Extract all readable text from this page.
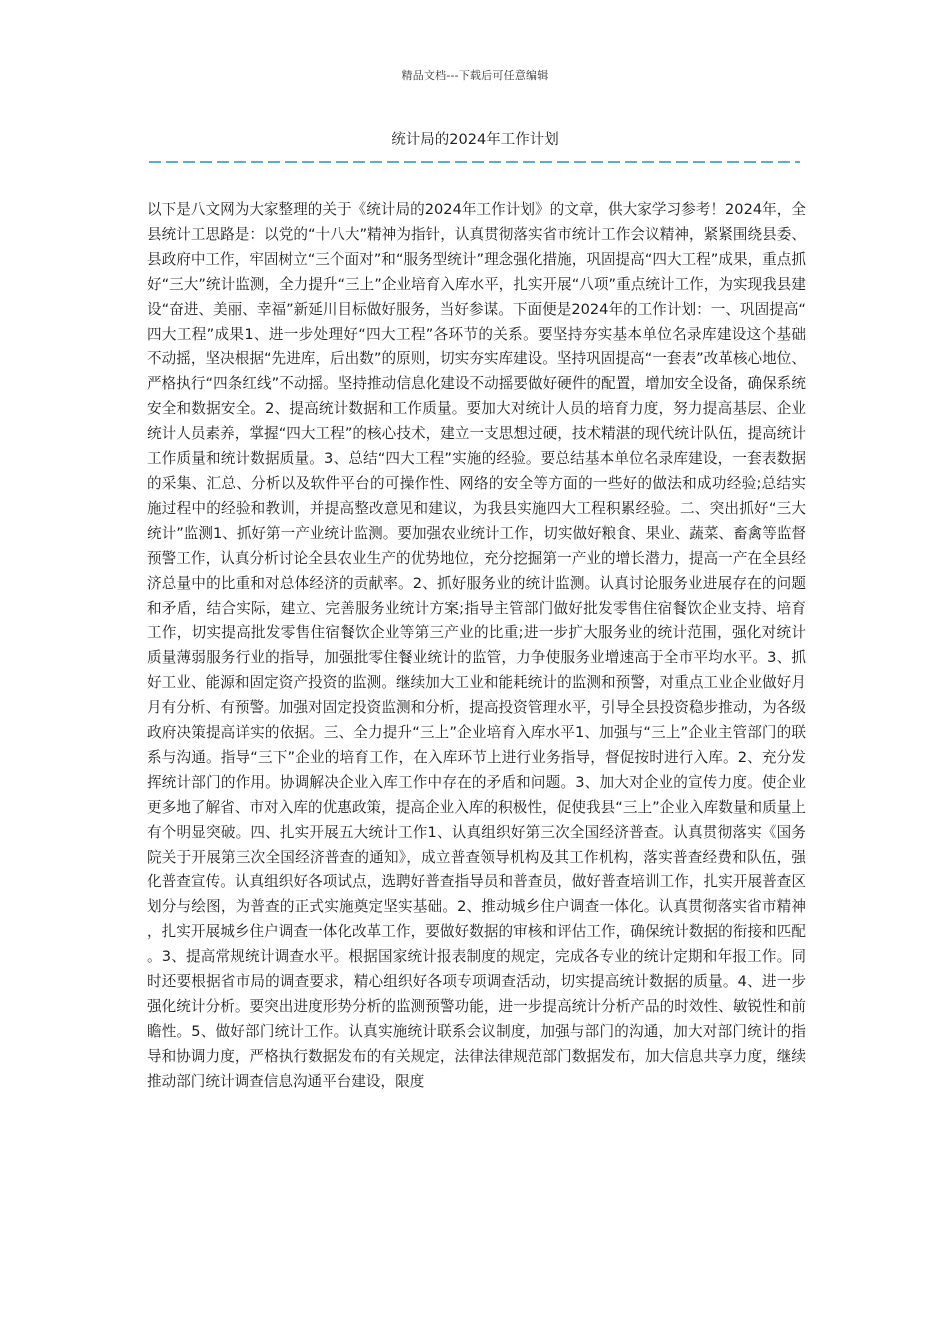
精品文档---下载后可任意编辑
统计局的2024年工作计划

以下是八文网为大家整理的关于《统计局的2024年工作计划》的文章，供大家学习参考！2024年，全县统计工思路是：以党的“十八大”精神为指针，认真贯彻落实省市统计工作会议精神，紧紧围绕县委、县政府中工作，牢固树立“三个面对”和“服务型统计”理念强化措施，巩固提高“四大工程”成果，重点抓好“三大”统计监测，全力提升“三上”企业培育入库水平，扎实开展“八项”重点统计工作，为实现我县建设“奋进、美丽、幸福”新延川目标做好服务，当好参谋。下面便是2024年的工作计划：一、巩固提高“四大工程”成果1、进一步处理好“四大工程”各环节的关系。要坚持夯实基本单位名录库建设这个基础不动摇，坚决根据“先进库，后出数”的原则，切实夯实库建设。坚持巩固提高“一套表”改革核心地位、严格执行“四条红线”不动摇。坚持推动信息化建设不动摇要做好硬件的配置，增加安全设备，确保系统安全和数据安全。2、提高统计数据和工作质量。要加大对统计人员的培育力度，努力提高基层、企业统计人员素养，掌握“四大工程”的核心技术，建立一支思想过硬，技术精湛的现代统计队伍，提高统计工作质量和统计数据质量。3、总结“四大工程”实施的经验。要总结基本单位名录库建设，一套表数据的采集、汇总、分析以及软件平台的可操作性、网络的安全等方面的一些好的做法和成功经验;总结实施过程中的经验和教训，并提高整改意见和建议，为我县实施四大工程积累经验。二、突出抓好“三大统计”监测1、抓好第一产业统计监测。要加强农业统计工作，切实做好粮食、果业、蔬菜、畜禽等监督预警工作，认真分析讨论全县农业生产的优势地位，充分挖掘第一产业的增长潜力，提高一产在全县经济总量中的比重和对总体经济的贡献率。2、抓好服务业的统计监测。认真讨论服务业进展存在的问题和矛盾，结合实际，建立、完善服务业统计方案;指导主管部门做好批发零售住宿餐饮企业支持、培育工作，切实提高批发零售住宿餐饮企业等第三产业的比重;进一步扩大服务业的统计范围，强化对统计质量薄弱服务行业的指导，加强批零住餐业统计的监管，力争使服务业增速高于全市平均水平。3、抓好工业、能源和固定资产投资的监测。继续加大工业和能耗统计的监测和预警，对重点工业企业做好月月有分析、有预警。加强对固定投资监测和分析，提高投资管理水平，引导全县投资稳步推动，为各级政府决策提高详实的依据。三、全力提升“三上”企业培育入库水平1、加强与“三上”企业主管部门的联系与沟通。指导“三下”企业的培育工作，在入库环节上进行业务指导，督促按时进行入库。2、充分发挥统计部门的作用。协调解决企业入库工作中存在的矛盾和问题。3、加大对企业的宣传力度。使企业更多地了解省、市对入库的优惠政策，提高企业入库的积极性，促使我县“三上”企业入库数量和质量上有个明显突破。四、扎实开展五大统计工作1、认真组织好第三次全国经济普查。认真贯彻落实《国务院关于开展第三次全国经济普查的通知》，成立普查领导机构及其工作机构，落实普查经费和队伍，强化普查宣传。认真组织好各项试点，选聘好普查指导员和普查员，做好普查培训工作，扎实开展普查区划分与绘图，为普查的正式实施奠定坚实基础。2、推动城乡住户调查一体化。认真贯彻落实省市精神，扎实开展城乡住户调查一体化改革工作，要做好数据的审核和评估工作，确保统计数据的衔接和匹配。3、提高常规统计调查水平。根据国家统计报表制度的规定，完成各专业的统计定期和年报工作。同时还要根据省市局的调查要求，精心组织好各项专项调查活动，切实提高统计数据的质量。4、进一步强化统计分析。要突出进度形势分析的监测预警功能，进一步提高统计分析产品的时效性、敏锐性和前瞻性。5、做好部门统计工作。认真实施统计联系会议制度，加强与部门的沟通，加大对部门统计的指导和协调力度，严格执行数据发布的有关规定，法律法律规范部门数据发布，加大信息共享力度，继续推动部门统计调查信息沟通平台建设，限度
